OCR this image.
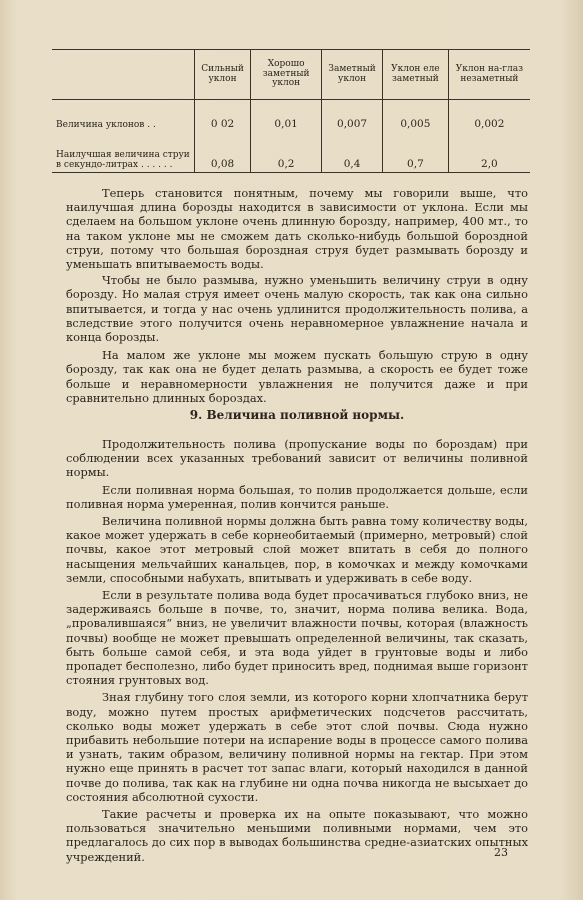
	Сильный уклон	Хорошо заметный уклон	Заметный уклон	Уклон еле заметный	Уклон на-глаз незаметный
Величина уклонов . .	0 02	0,01	0,007	0,005	0,002
Наилучшая величина струи в секундо-литрах . . . . . .	0,08	0,2	0,4	0,7	2,0

Теперь становится понятным, почему мы говорили выше, что наилучшая длина борозды находится в зависимости от уклона. Если мы сделаем на большом уклоне очень длинную борозду, например, 400 мт., то на таком уклоне мы не сможем дать сколько-нибудь большой бороздной струи, потому что большая бороздная струя будет размывать борозду и уменьшать впитываемость воды.

Чтобы не было размыва, нужно уменьшить величину струи в одну борозду. Но малая струя имеет очень малую скорость, так как она сильно впитывается, и тогда у нас очень удлинится продолжительность полива, а вследствие этого получится очень неравномерное увлажнение начала и конца борозды.

На малом же уклоне мы можем пускать большую струю в одну борозду, так как она не будет делать размыва, а скорость ее будет тоже больше и неравномерности увлажнения не получится даже и при сравнительно длинных бороздах.

9. Величина поливной нормы.

Продолжительность полива (пропускание воды по бороздам) при соблюдении всех указанных требований зависит от величины поливной нормы.

Если поливная норма большая, то полив продолжается дольше, если поливная норма умеренная, полив кончится раньше.

Величина поливной нормы должна быть равна тому количеству воды, какое может удержать в себе корнеобитаемый (примерно, метровый) слой почвы, какое этот метровый слой может впитать в себя до полного насыщения мельчайших канальцев, пор, в комочках и между комочками земли, способными набухать, впитывать и удерживать в себе воду.

Если в результате полива вода будет просачиваться глубоко вниз, не задерживаясь больше в почве, то, значит, норма полива велика. Вода, „провалившаяся“ вниз, не увеличит влажности почвы, которая (влажность почвы) вообще не может превышать определенной величины, так сказать, быть больше самой себя, и эта вода уйдет в грунтовые воды и либо пропадет бесполезно, либо будет приносить вред, поднимая выше горизонт стояния грунтовых вод.

Зная глубину того слоя земли, из которого корни хлопчатника берут воду, можно путем простых арифметических подсчетов рассчитать, сколько воды может удержать в себе этот слой почвы. Сюда нужно прибавить небольшие потери на испарение воды в процессе самого полива и узнать, таким образом, величину поливной нормы на гектар. При этом нужно еще принять в расчет тот запас влаги, который находился в данной почве до полива, так как на глубине ни одна почва никогда не высыхает до состояния абсолютной сухости.

Такие расчеты и проверка их на опыте показывают, что можно пользоваться значительно меньшими поливными нормами, чем это предлагалось до сих пор в выводах большинства средне-азиатских опытных учреждений.	23
